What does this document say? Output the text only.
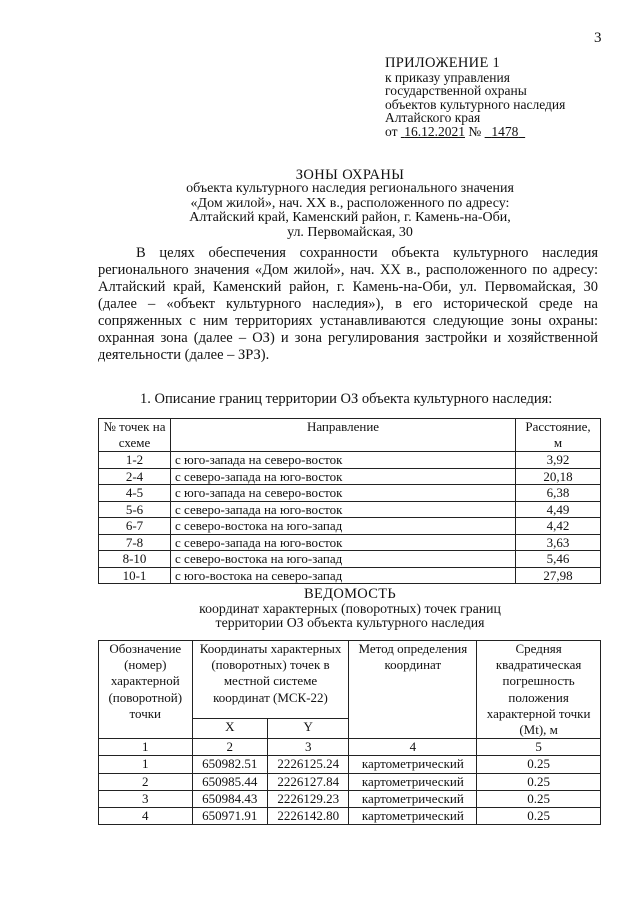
3
ПРИЛОЖЕНИЕ 1
к приказу управления
государственной охраны
объектов культурного наследия
Алтайского края
от 16.12.2021 № 1478
ЗОНЫ ОХРАНЫ
объекта культурного наследия регионального значения
«Дом жилой», нач. XX в., расположенного по адресу:
Алтайский край, Каменский район, г. Камень-на-Оби,
ул. Первомайская, 30

В целях обеспечения сохранности объекта культурного наследия регионального значения «Дом жилой», нач. XX в., расположенного по адресу: Алтайский край, Каменский район, г. Камень-на-Оби, ул. Первомайская, 30 (далее – «объект культурного наследия»), в его исторической среде на сопряженных с ним территориях устанавливаются следующие зоны охраны: охранная зона (далее – ОЗ) и зона регулирования застройки и хозяйственной деятельности (далее – ЗРЗ).

1. Описание границ территории ОЗ объекта культурного наследия:
№ точек на схеме	Направление	Расстояние, м
1-2	с юго-запада на северо-восток	3,92
2-4	с северо-запада на юго-восток	20,18
4-5	с юго-запада на северо-восток	6,38
5-6	с северо-запада на юго-восток	4,49
6-7	с северо-востока на юго-запад	4,42
7-8	с северо-запада на юго-восток	3,63
8-10	с северо-востока на юго-запад	5,46
10-1	с юго-востока на северо-запад	27,98
ВЕДОМОСТЬ
координат характерных (поворотных) точек границ
территории ОЗ объекта культурного наследия
Обозначение (номер) характерной (поворотной) точки	Координаты характерных (поворотных) точек в местной системе координат (МСК-22)		Метод определения координат	Средняя квадратическая погрешность положения характерной точки (Mt), м
	X	Y		
1	2	3	4	5
1	650982.51	2226125.24	картометрический	0.25
2	650985.44	2226127.84	картометрический	0.25
3	650984.43	2226129.23	картометрический	0.25
4	650971.91	2226142.80	картометрический	0.25
